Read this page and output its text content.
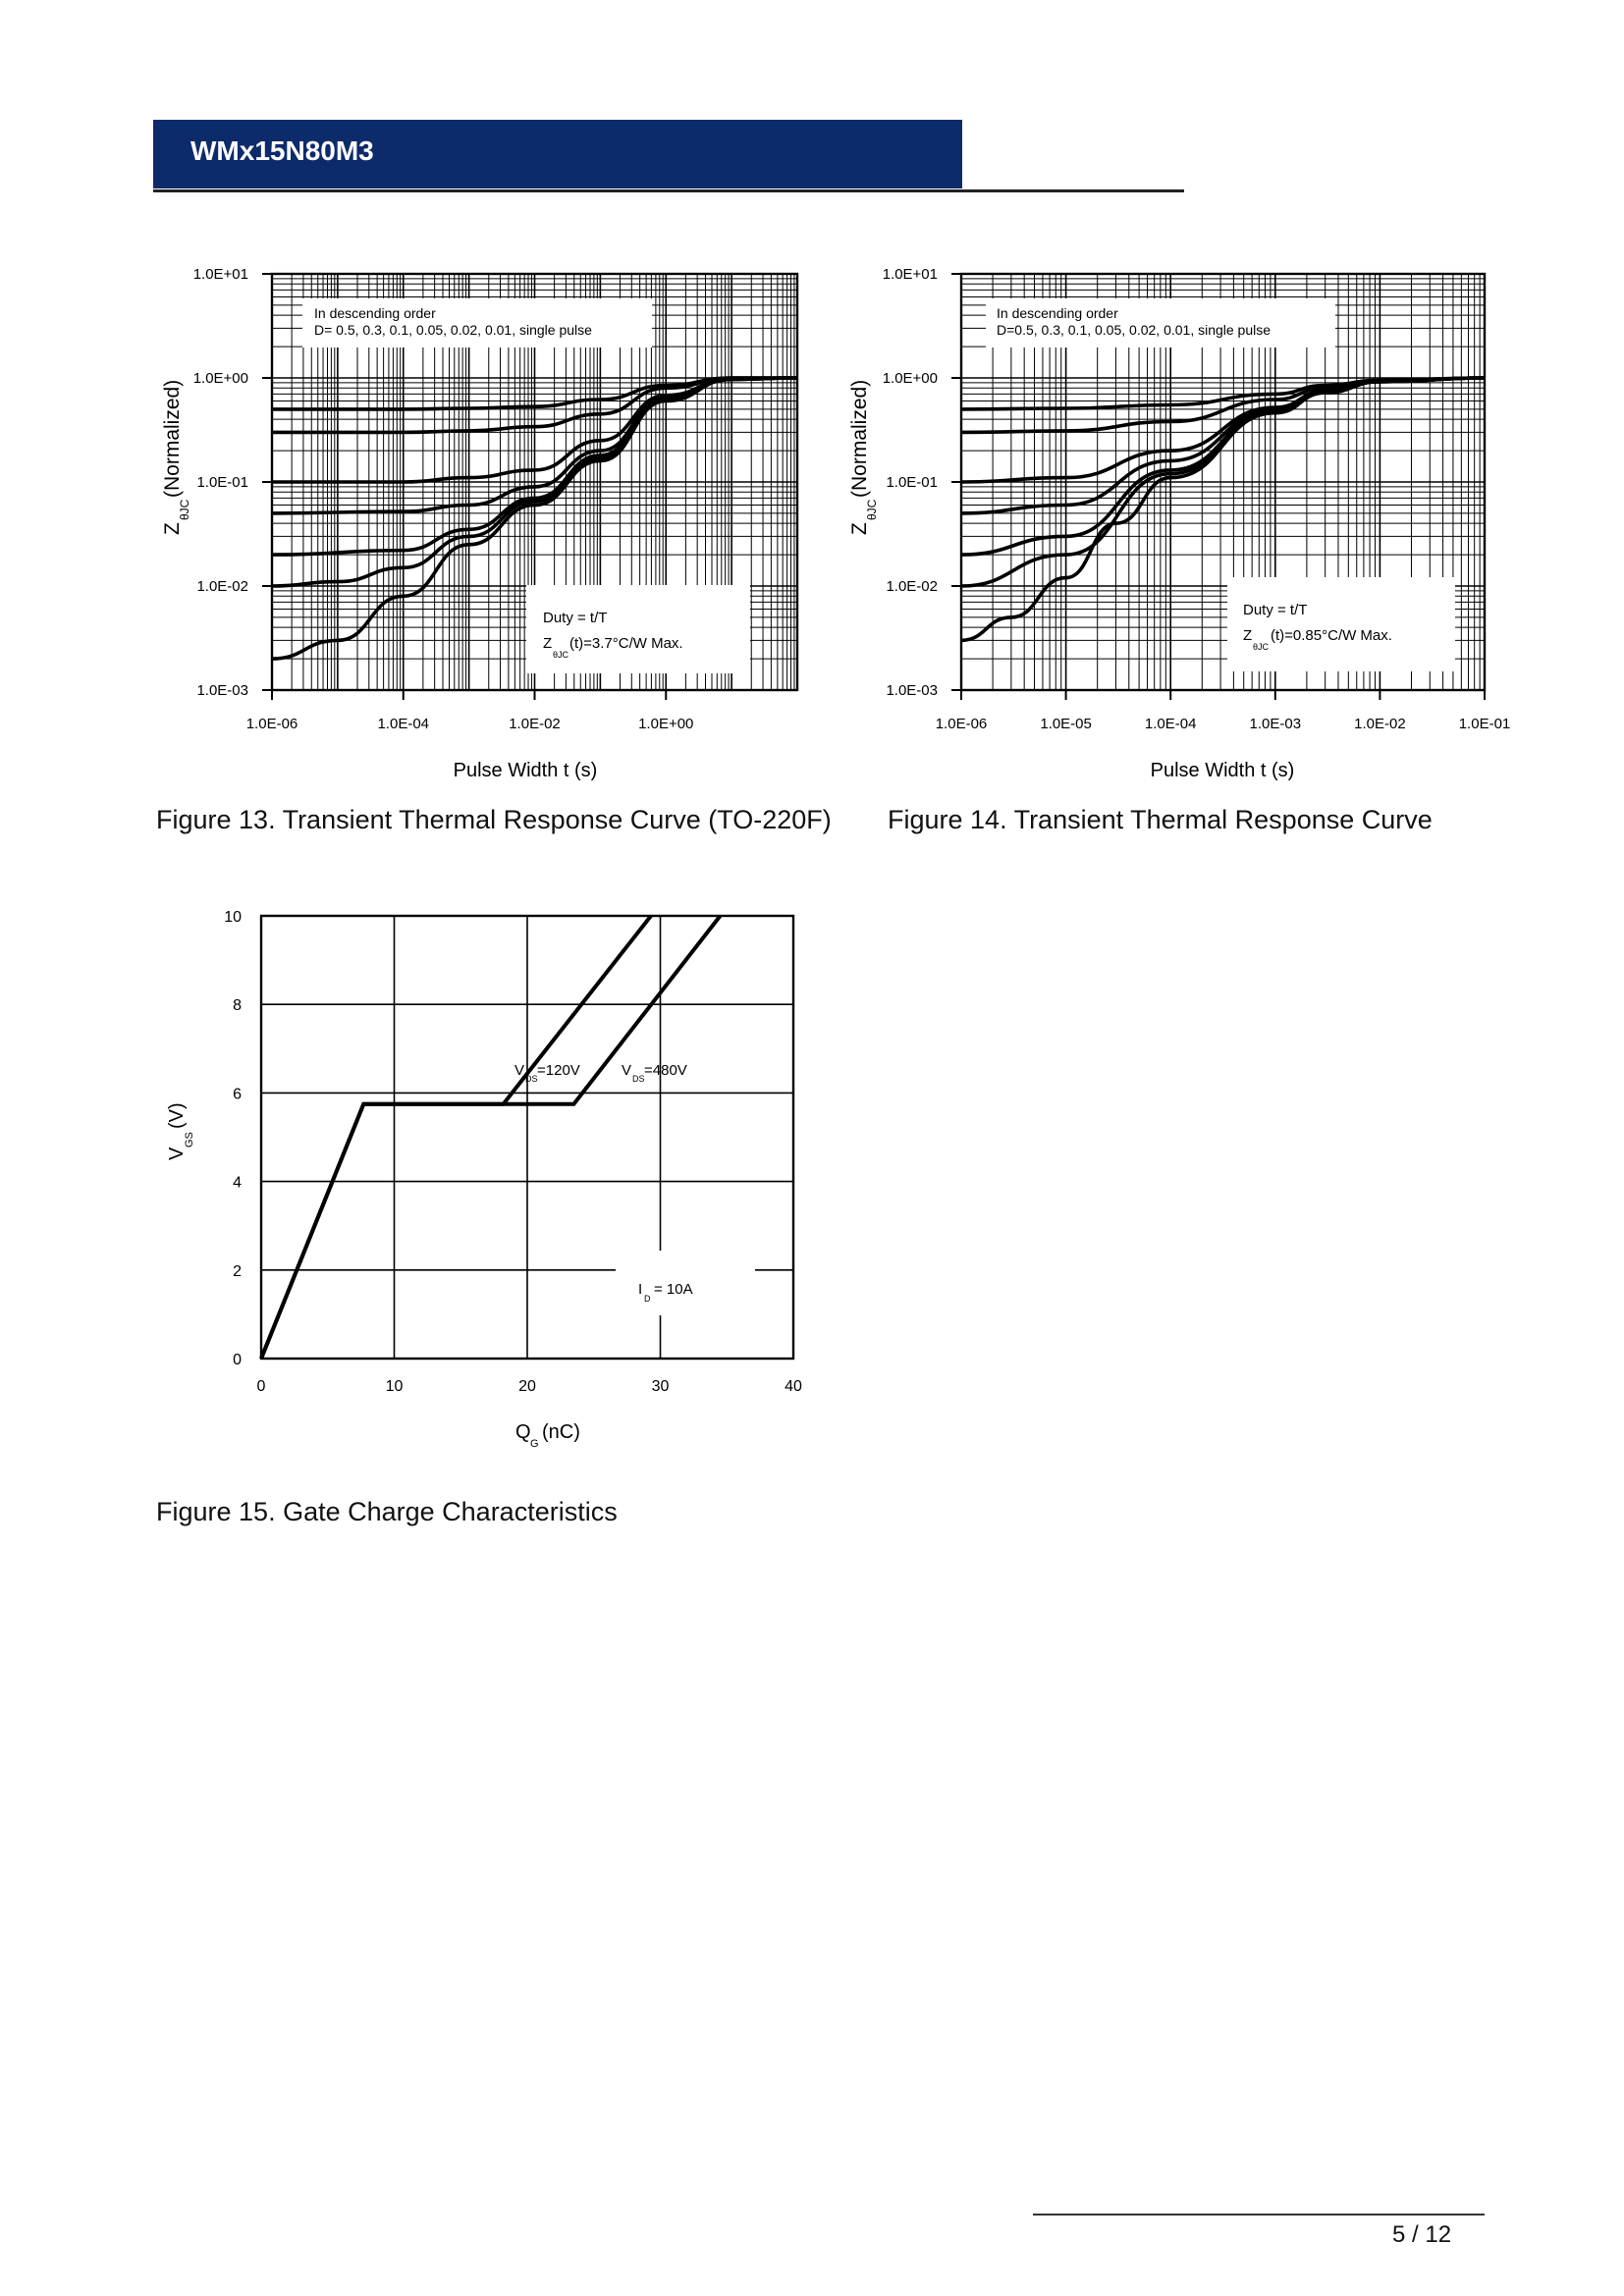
WMx15N80M3
1.0E-06	1.0E-04	1.0E-02	1.0E+00
1.0E+01
1.0E+00
1.0E-01
1.0E-02
1.0E-03
In descending order
D= 0.5, 0.3, 0.1, 0.05, 0.02, 0.01, single pulse
Duty = t/T
Z
θJC
(t)=3.7°C/W Max.
Pulse Width t (s)
Z
θJC
(Normalized)
1.0E-06	1.0E-05	1.0E-04	1.0E-03	1.0E-02	1.0E-01
1.0E+01
1.0E+00
1.0E-01
1.0E-02
1.0E-03
In descending order
D=0.5, 0.3, 0.1, 0.05, 0.02, 0.01, single pulse
Duty = t/T
Z
θJC
(t)=0.85°C/W Max.
Pulse Width t (s)
Z
θJC
(Normalized)
0	10	20	30	40
0
2
4
6
8
10
V DS =120V	V DS =480V
I
D
= 10A
Q
G
(nC)
V
GS
(V)
Figure 13. Transient Thermal Response Curve (TO-220F) Figure 14. Transient Thermal Response Curve
Figure 15. Gate Charge Characteristics
5 / 12
